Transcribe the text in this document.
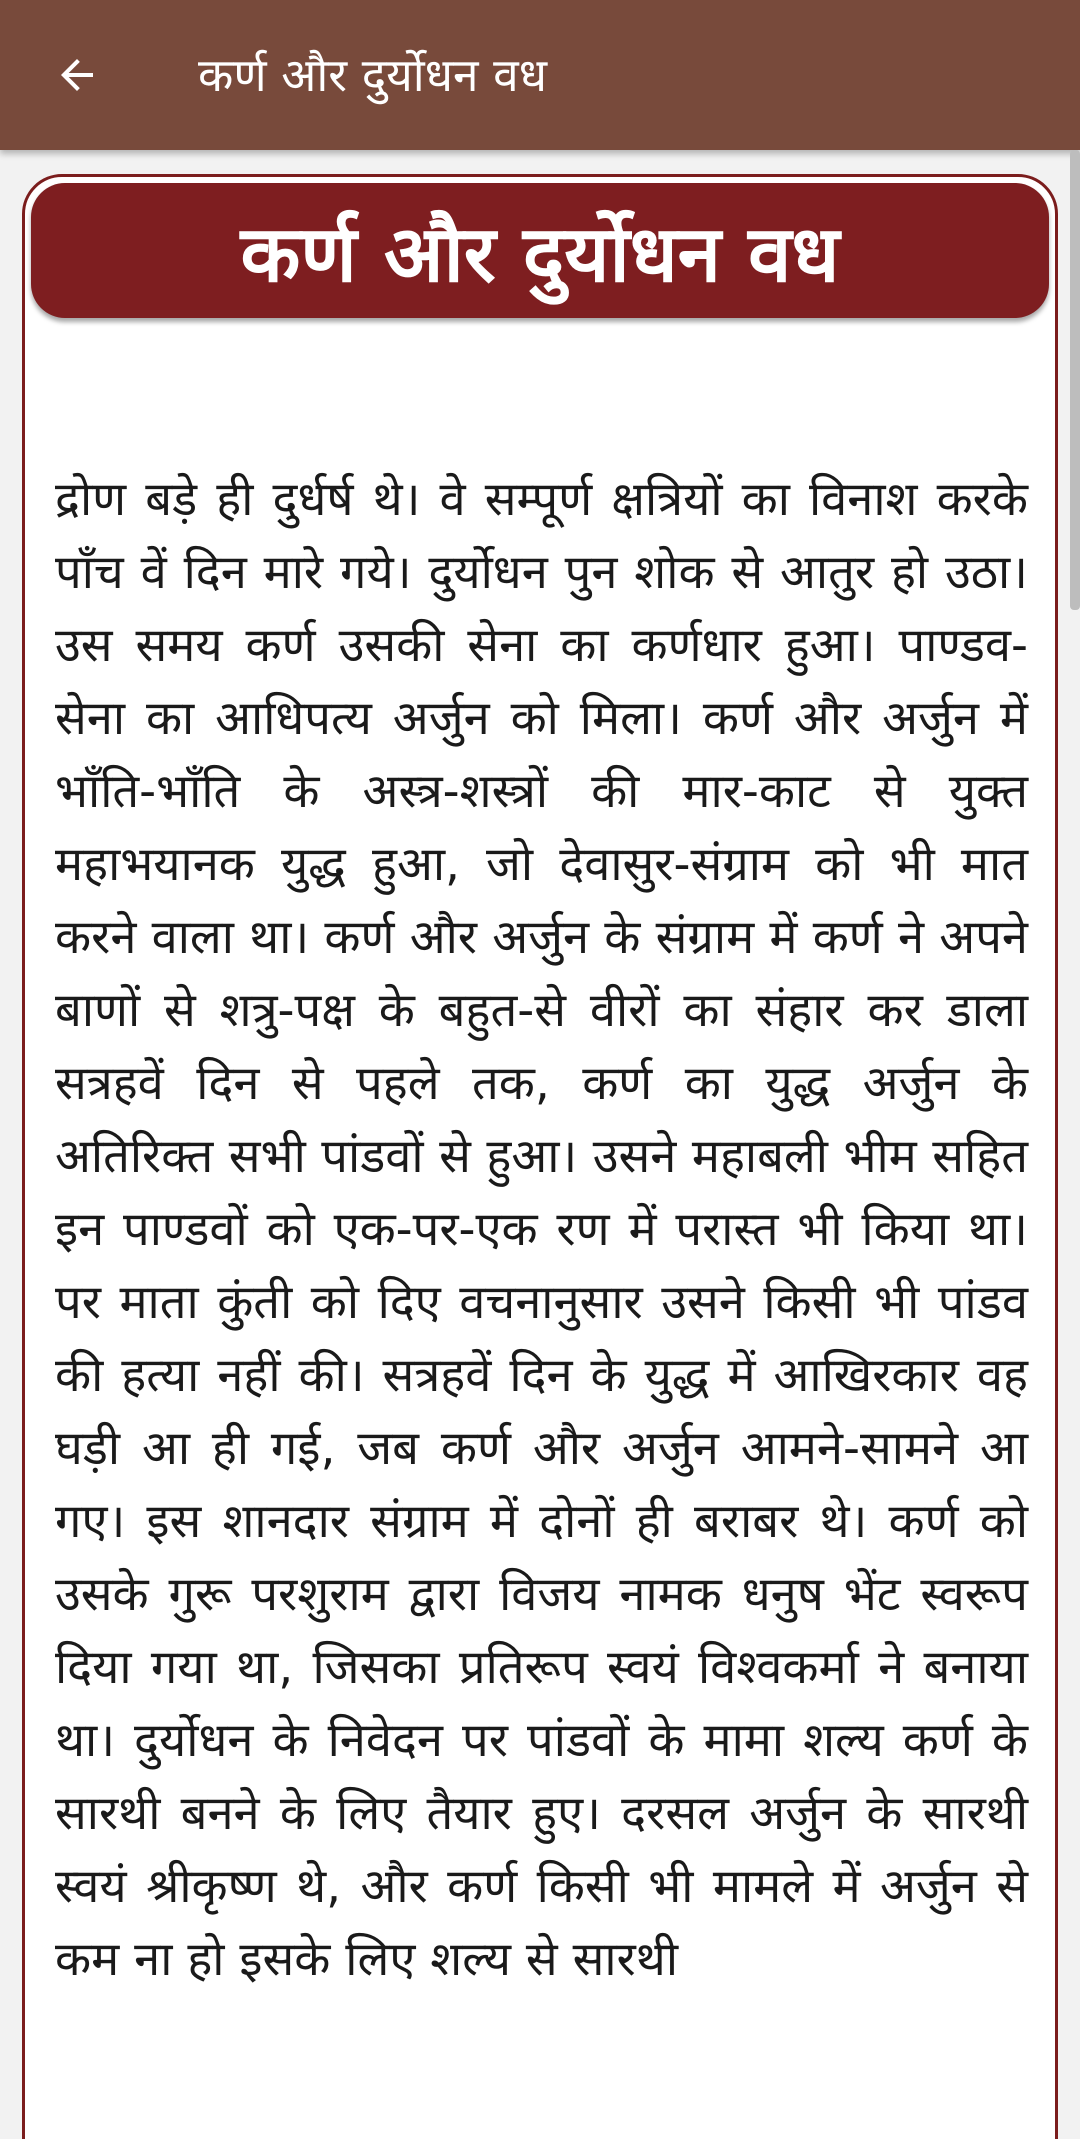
कर्ण और दुर्योधन वध
कर्ण और दुर्योधन वध
द्रोण बड़े ही दुर्धर्ष थे। वे सम्पूर्ण क्षत्रियों का विनाश करके पाँच वें दिन मारे गये। दुर्योधन पुन शोक से आतुर हो उठा। उस समय कर्ण उसकी सेना का कर्णधार हुआ। पाण्डव-सेना का आधिपत्य अर्जुन को मिला। कर्ण और अर्जुन में भाँति-भाँति के अस्त्र-शस्त्रों की मार-काट से युक्त महाभयानक युद्ध हुआ, जो देवासुर-संग्राम को भी मात करने वाला था। कर्ण और अर्जुन के संग्राम में कर्ण ने अपने बाणों से शत्रु-पक्ष के बहुत-से वीरों का संहार कर डाला सत्रहवें दिन से पहले तक, कर्ण का युद्ध अर्जुन के अतिरिक्त सभी पांडवों से हुआ। उसने महाबली भीम सहित इन पाण्डवों को एक-पर-एक रण में परास्त भी किया था। पर माता कुंती को दिए वचनानुसार उसने किसी भी पांडव की हत्या नहीं की। सत्रहवें दिन के युद्ध में आखिरकार वह घड़ी आ ही गई, जब कर्ण और अर्जुन आमने-सामने आ गए। इस शानदार संग्राम में दोनों ही बराबर थे। कर्ण को उसके गुरू परशुराम द्वारा विजय नामक धनुष भेंट स्वरूप दिया गया था, जिसका प्रतिरूप स्वयं विश्वकर्मा ने बनाया था। दुर्योधन के निवेदन पर पांडवों के मामा शल्य कर्ण के सारथी बनने के लिए तैयार हुए। दरसल अर्जुन के सारथी स्वयं श्रीकृष्ण थे, और कर्ण किसी भी मामले में अर्जुन से कम ना हो इसके लिए शल्य से सारथी
